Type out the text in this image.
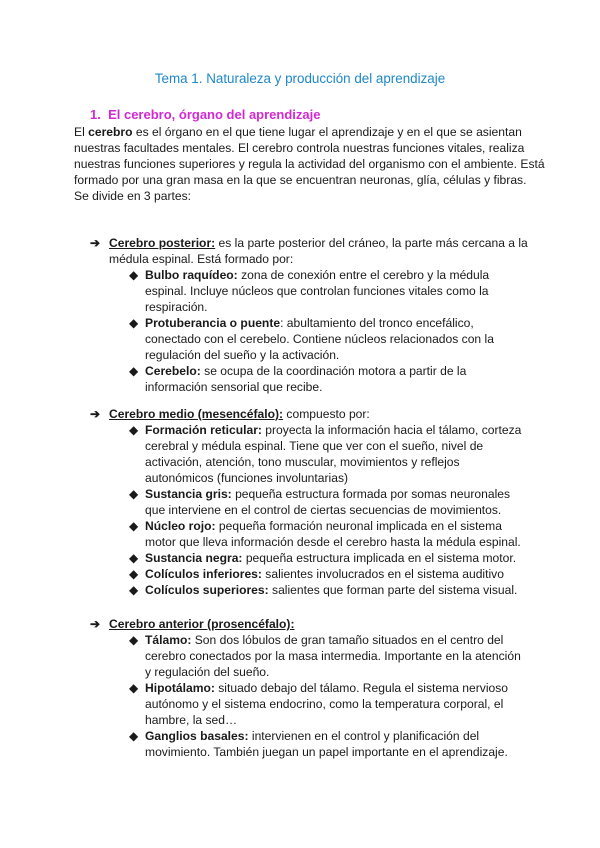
Tema 1. Naturaleza y producción del aprendizaje
1. El cerebro, órgano del aprendizaje

El cerebro es el órgano en el que tiene lugar el aprendizaje y en el que se asientan nuestras facultades mentales. El cerebro controla nuestras funciones vitales, realiza nuestras funciones superiores y regula la actividad del organismo con el ambiente. Está formado por una gran masa en la que se encuentran neuronas, glía, células y fibras.

Se divide en 3 partes:

➔ Cerebro posterior: es la parte posterior del cráneo, la parte más cercana a la médula espinal. Está formado por:
◆ Bulbo raquídeo: zona de conexión entre el cerebro y la médula espinal. Incluye núcleos que controlan funciones vitales como la respiración.
◆ Protuberancia o puente: abultamiento del tronco encefálico, conectado con el cerebelo. Contiene núcleos relacionados con la regulación del sueño y la activación.
◆ Cerebelo: se ocupa de la coordinación motora a partir de la información sensorial que recibe.
➔ Cerebro medio (mesencéfalo): compuesto por:
◆ Formación reticular: proyecta la información hacia el tálamo, corteza cerebral y médula espinal. Tiene que ver con el sueño, nivel de activación, atención, tono muscular, movimientos y reflejos autonómicos (funciones involuntarias)
◆ Sustancia gris: pequeña estructura formada por somas neuronales que interviene en el control de ciertas secuencias de movimientos.
◆ Núcleo rojo: pequeña formación neuronal implicada en el sistema motor que lleva información desde el cerebro hasta la médula espinal.
◆ Sustancia negra: pequeña estructura implicada en el sistema motor.
◆ Colículos inferiores: salientes involucrados en el sistema auditivo
◆ Colículos superiores: salientes que forman parte del sistema visual.
➔ Cerebro anterior (prosencéfalo):
◆ Tálamo: Son dos lóbulos de gran tamaño situados en el centro del cerebro conectados por la masa intermedia. Importante en la atención y regulación del sueño.
◆ Hipotálamo: situado debajo del tálamo. Regula el sistema nervioso autónomo y el sistema endocrino, como la temperatura corporal, el hambre, la sed…
◆ Ganglios basales: intervienen en el control y planificación del movimiento. También juegan un papel importante en el aprendizaje.
